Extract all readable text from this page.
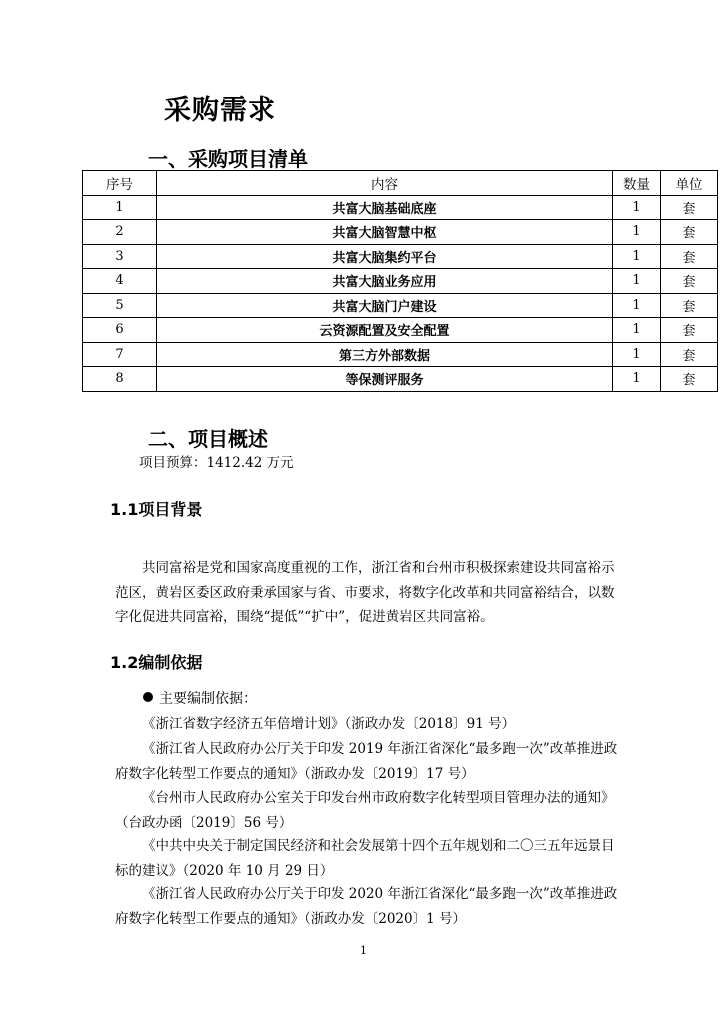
采购需求
一、采购项目清单
序号	内容	数量	单位
1	共富大脑基础底座	1	套
2	共富大脑智慧中枢	1	套
3	共富大脑集约平台	1	套
4	共富大脑业务应用	1	套
5	共富大脑门户建设	1	套
6	云资源配置及安全配置	1	套
7	第三方外部数据	1	套
8	等保测评服务	1	套
二、项目概述
项目预算：1412.42 万元
1.1项目背景
共同富裕是党和国家高度重视的工作，浙江省和台州市积极探索建设共同富裕示范区，黄岩区委区政府秉承国家与省、市要求，将数字化改革和共同富裕结合，以数字化促进共同富裕，围绕“提低”“扩中”，促进黄岩区共同富裕。
1.2编制依据
主要编制依据：
《浙江省数字经济五年倍增计划》（浙政办发〔2018〕91 号）
《浙江省人民政府办公厅关于印发 2019 年浙江省深化“最多跑一次”改革推进政府数字化转型工作要点的通知》（浙政办发〔2019〕17 号）
《台州市人民政府办公室关于印发台州市政府数字化转型项目管理办法的通知》（台政办函〔2019〕56 号）
《中共中央关于制定国民经济和社会发展第十四个五年规划和二〇三五年远景目标的建议》（2020 年 10 月 29 日）
《浙江省人民政府办公厅关于印发 2020 年浙江省深化“最多跑一次”改革推进政府数字化转型工作要点的通知》（浙政办发〔2020〕1 号）
1
